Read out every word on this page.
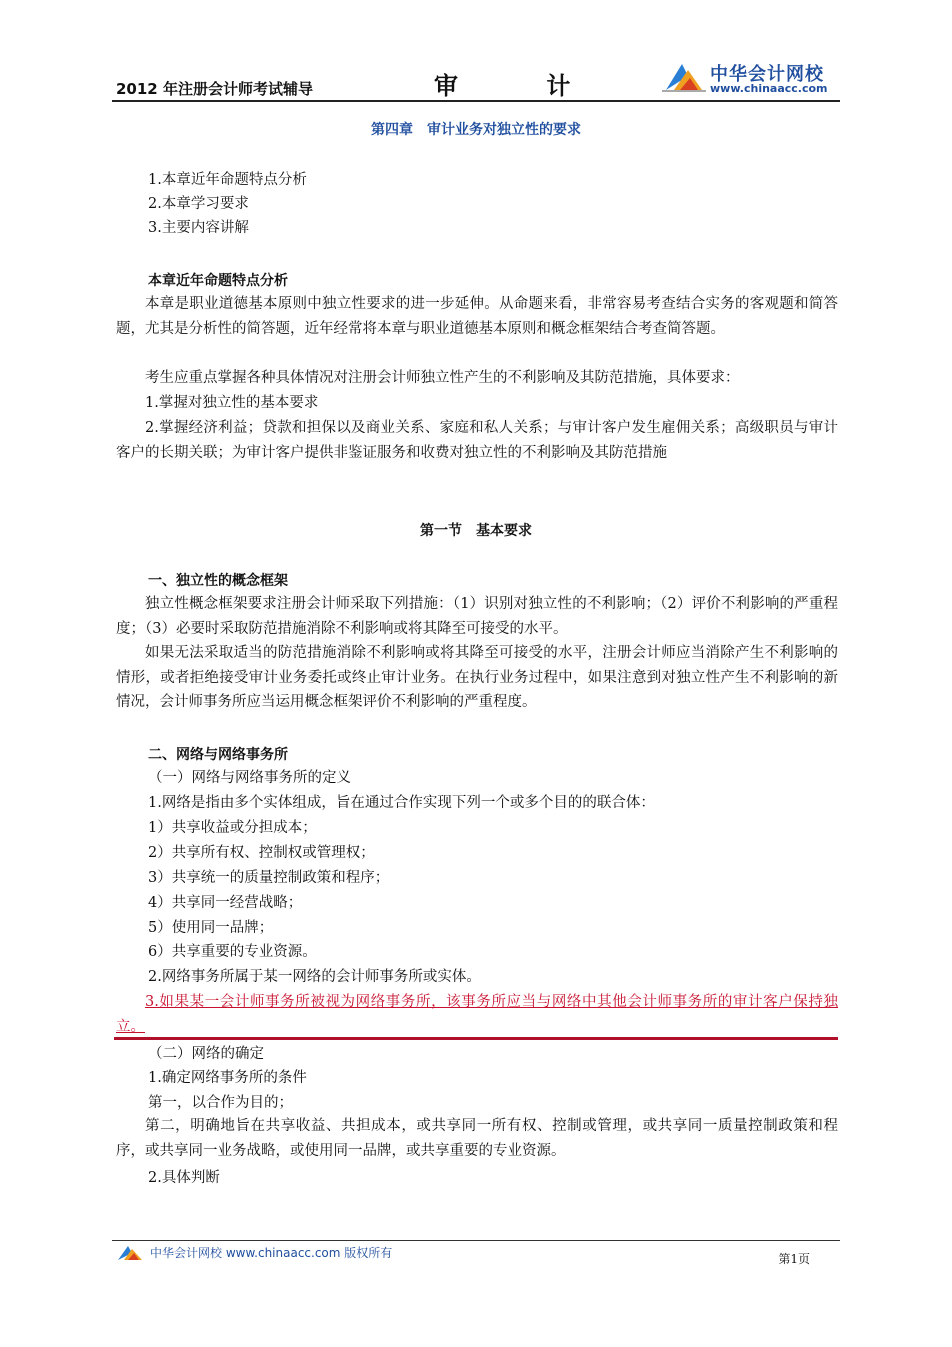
2012 年注册会计师考试辅导	审 计	中华会计网校
www.chinaacc.com
第四章　审计业务对独立性的要求
1.本章近年命题特点分析
2.本章学习要求
3.主要内容讲解
本章近年命题特点分析
本章是职业道德基本原则中独立性要求的进一步延伸。从命题来看，非常容易考查结合实务的客观题和简答题，尤其是分析性的简答题，近年经常将本章与职业道德基本原则和概念框架结合考查简答题。
考生应重点掌握各种具体情况对注册会计师独立性产生的不利影响及其防范措施，具体要求：
1.掌握对独立性的基本要求
2.掌握经济利益；贷款和担保以及商业关系、家庭和私人关系；与审计客户发生雇佣关系；高级职员与审计客户的长期关联；为审计客户提供非鉴证服务和收费对独立性的不利影响及其防范措施
一、独立性的概念框架
独立性概念框架要求注册会计师采取下列措施：（1）识别对独立性的不利影响；（2）评价不利影响的严重程度；（3）必要时采取防范措施消除不利影响或将其降至可接受的水平。
如果无法采取适当的防范措施消除不利影响或将其降至可接受的水平，注册会计师应当消除产生不利影响的情形，或者拒绝接受审计业务委托或终止审计业务。在执行业务过程中，如果注意到对独立性产生不利影响的新情况，会计师事务所应当运用概念框架评价不利影响的严重程度。
二、网络与网络事务所
（一）网络与网络事务所的定义
1.网络是指由多个实体组成，旨在通过合作实现下列一个或多个目的的联合体：
1）共享收益或分担成本；
2）共享所有权、控制权或管理权；
3）共享统一的质量控制政策和程序；
4）共享同一经营战略；
5）使用同一品牌；
6）共享重要的专业资源。
2.网络事务所属于某一网络的会计师事务所或实体。
3.如果某一会计师事务所被视为网络事务所，该事务所应当与网络中其他会计师事务所的审计客户保持独立。
（二）网络的确定
1.确定网络事务所的条件
第一，以合作为目的；
第二，明确地旨在共享收益、共担成本，或共享同一所有权、控制或管理，或共享同一质量控制政策和程序，或共享同一业务战略，或使用同一品牌，或共享重要的专业资源。
2.具体判断
第一节　基本要求
中华会计网校 www.chinaacc.com 版权所有	第1页
